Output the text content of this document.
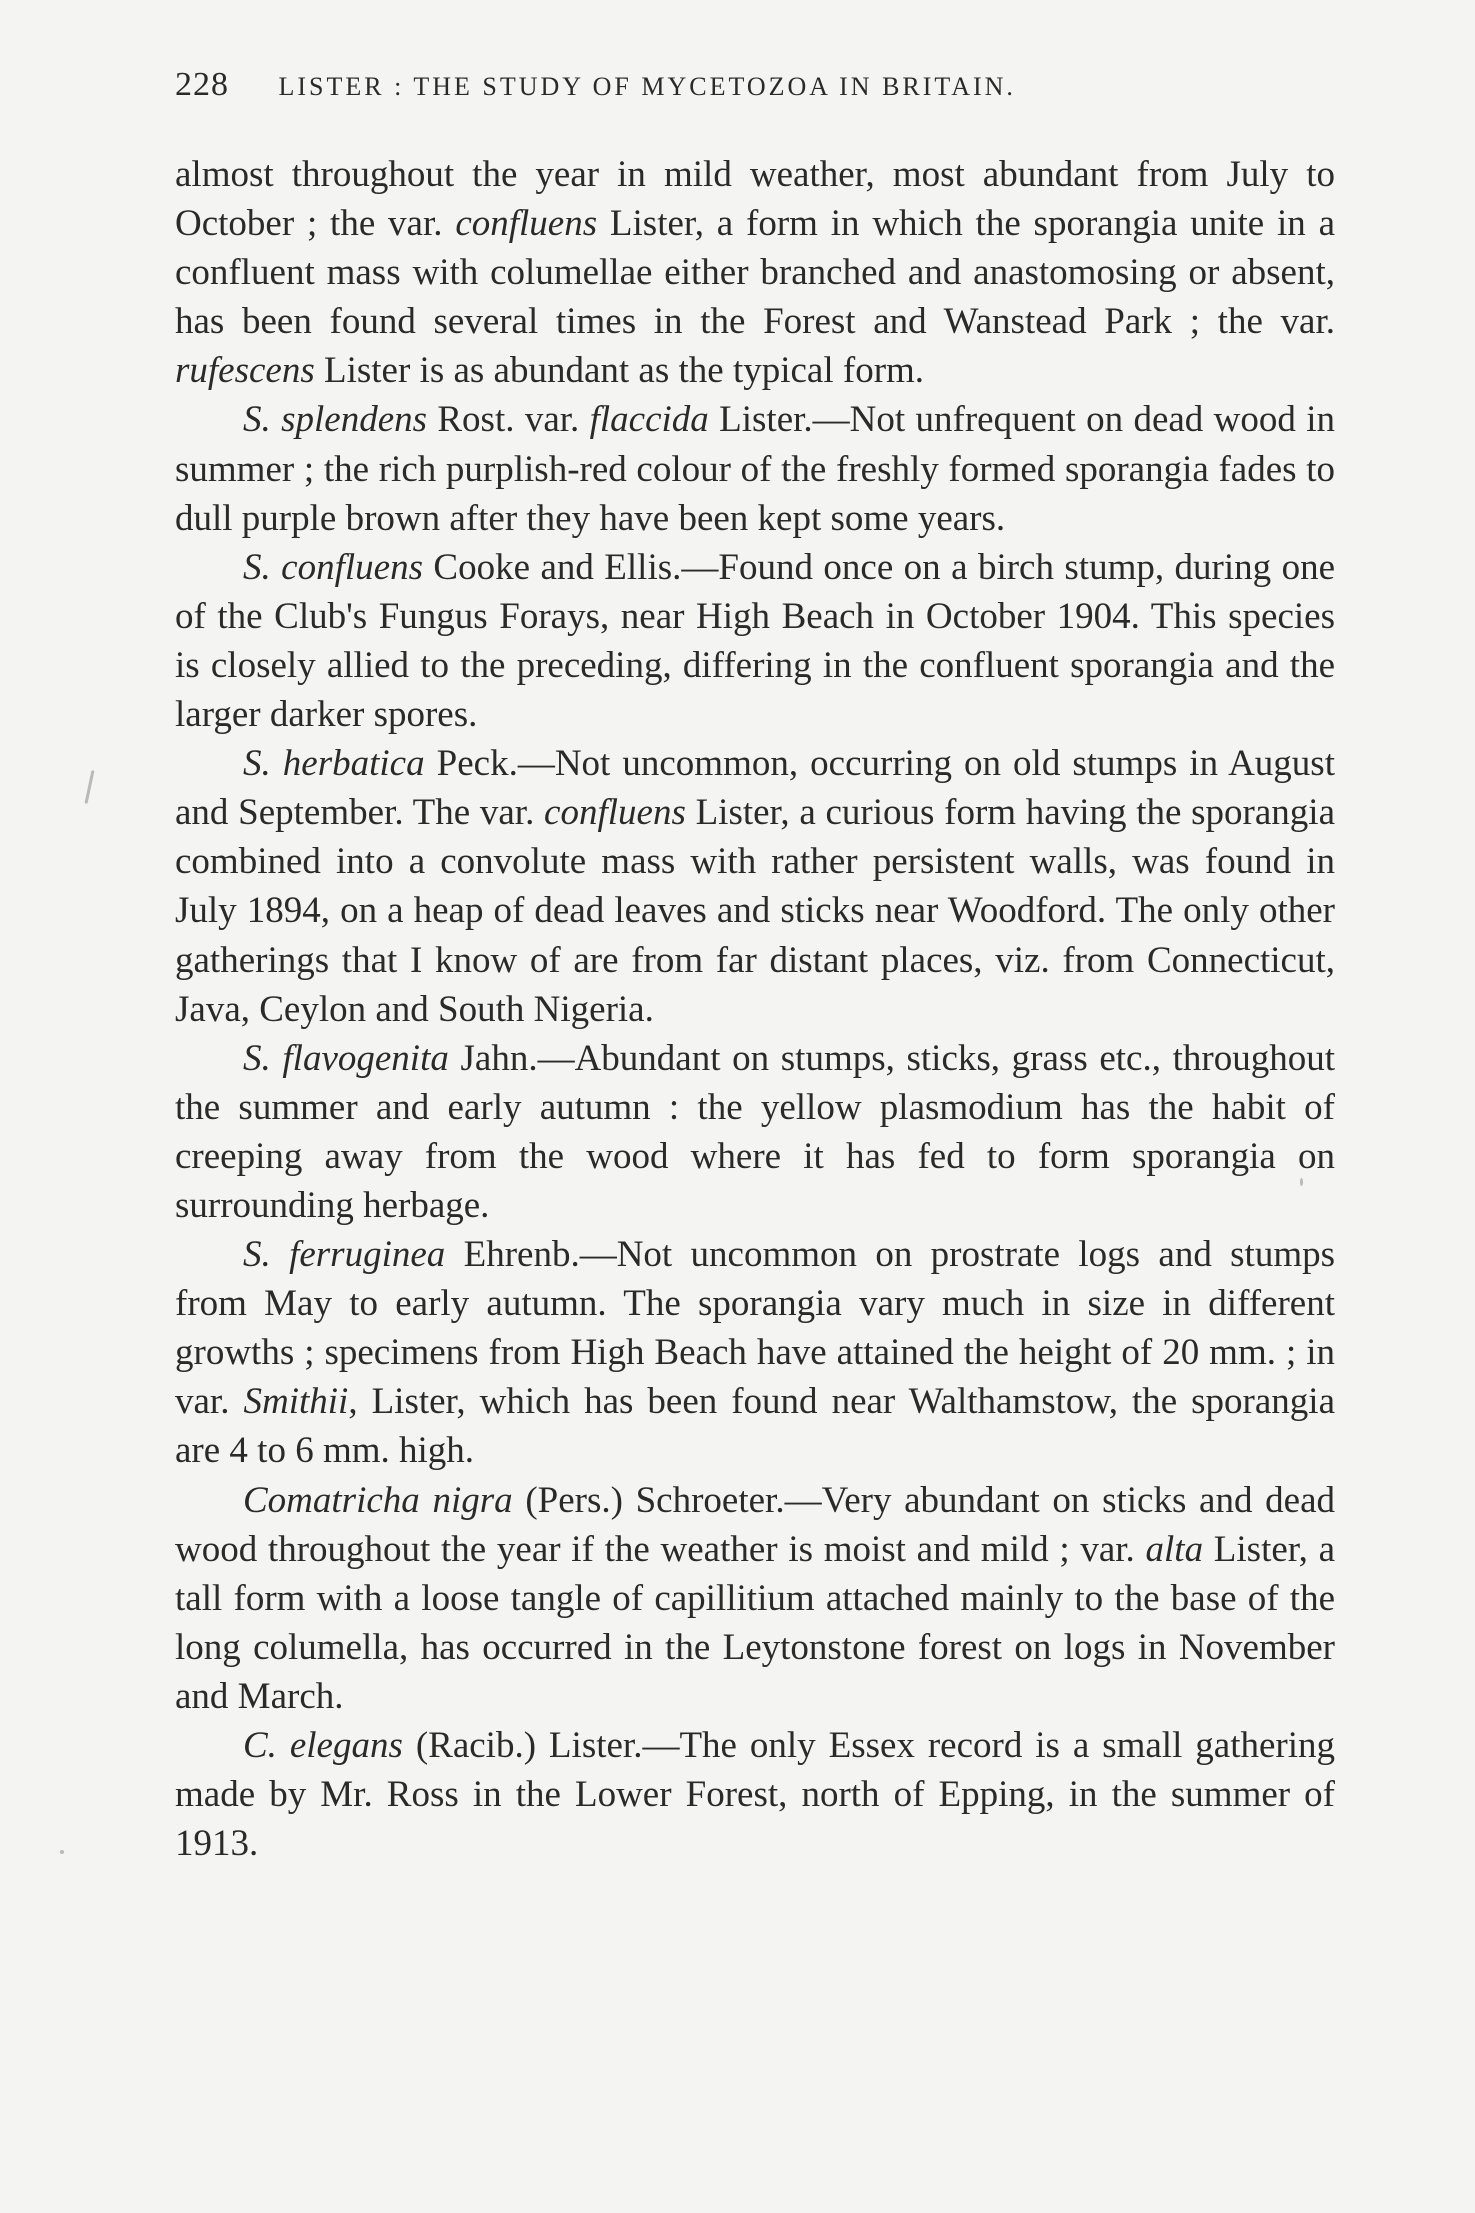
228 LISTER : THE STUDY OF MYCETOZOA IN BRITAIN.

almost throughout the year in mild weather, most abundant from July to October ; the var. confluens Lister, a form in which the sporangia unite in a confluent mass with columellae either branched and anastomosing or absent, has been found several times in the Forest and Wanstead Park ; the var. rufescens Lister is as abundant as the typical form.

S. splendens Rost. var. flaccida Lister.—Not unfrequent on dead wood in summer ; the rich purplish-red colour of the freshly formed sporangia fades to dull purple brown after they have been kept some years.

S. confluens Cooke and Ellis.—Found once on a birch stump, during one of the Club's Fungus Forays, near High Beach in October 1904. This species is closely allied to the preceding, differing in the confluent sporangia and the larger darker spores.

S. herbatica Peck.—Not uncommon, occurring on old stumps in August and September. The var. confluens Lister, a curious form having the sporangia combined into a convolute mass with rather persistent walls, was found in July 1894, on a heap of dead leaves and sticks near Woodford. The only other gatherings that I know of are from far distant places, viz. from Connecticut, Java, Ceylon and South Nigeria.

S. flavogenita Jahn.—Abundant on stumps, sticks, grass etc., throughout the summer and early autumn : the yellow plasmodium has the habit of creeping away from the wood where it has fed to form sporangia on surrounding herbage.

S. ferruginea Ehrenb.—Not uncommon on prostrate logs and stumps from May to early autumn. The sporangia vary much in size in different growths ; specimens from High Beach have attained the height of 20 mm. ; in var. Smithii, Lister, which has been found near Walthamstow, the sporangia are 4 to 6 mm. high.

Comatricha nigra (Pers.) Schroeter.—Very abundant on sticks and dead wood throughout the year if the weather is moist and mild ; var. alta Lister, a tall form with a loose tangle of capillitium attached mainly to the base of the long columella, has occurred in the Leytonstone forest on logs in November and March.

C. elegans (Racib.) Lister.—The only Essex record is a small gathering made by Mr. Ross in the Lower Forest, north of Epping, in the summer of 1913.
